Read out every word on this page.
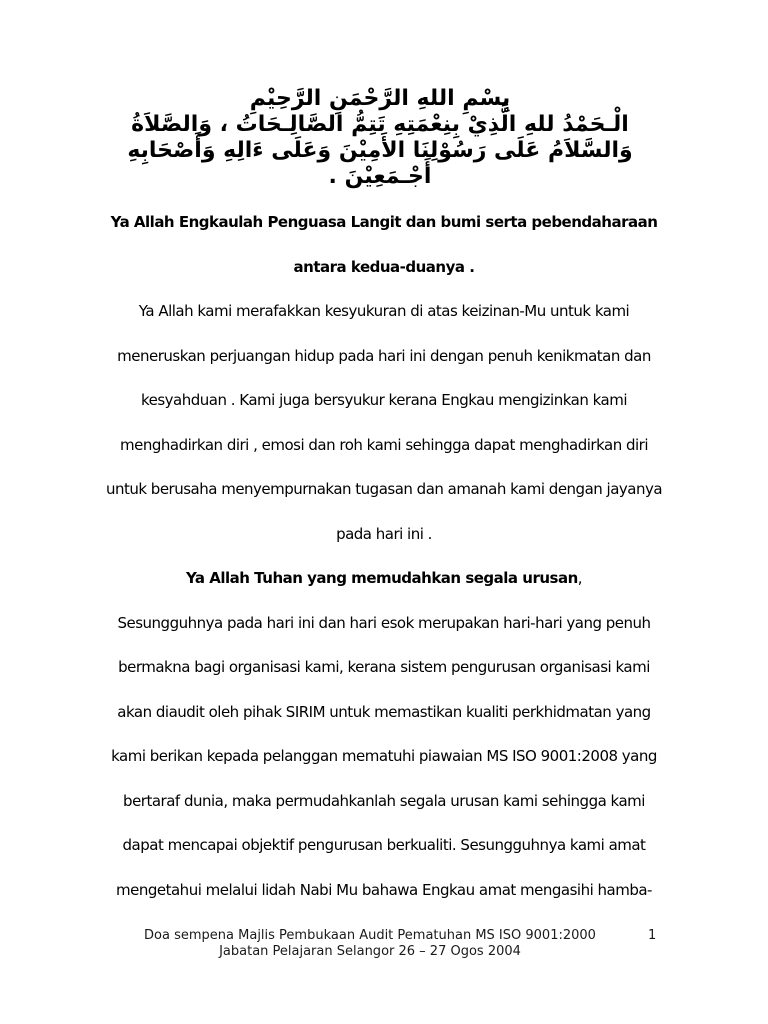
بِسْمِ اللهِ الرَّحْمَنِ الرَّحِيْمِ
الْـحَمْدُ للهِ الَّذِيْ بِنِعْمَتِهِ تَتِمُّ الصَّالِـحَاتُ ، وَالصَّلاَةُ
وَالسَّلاَمُ عَلَى رَسُوْلِنَا الأَمِيْنَ وَعَلَى ءَالِهِ وَأَصْحَابِهِ
أَجْـمَعِيْنَ .
Ya Allah Engkaulah Penguasa Langit dan bumi serta pebendaharaan
antara kedua-duanya .
Ya Allah kami merafakkan kesyukuran di atas keizinan-Mu untuk kami
meneruskan perjuangan hidup pada hari ini dengan penuh kenikmatan dan
kesyahduan . Kami juga bersyukur kerana Engkau mengizinkan kami
menghadirkan diri , emosi dan roh kami sehingga dapat menghadirkan diri
untuk berusaha menyempurnakan tugasan dan amanah kami dengan jayanya
pada hari ini .
Ya Allah Tuhan yang memudahkan segala urusan,
Sesungguhnya pada hari ini dan hari esok merupakan hari-hari yang penuh
bermakna bagi organisasi kami, kerana sistem pengurusan organisasi kami
akan diaudit oleh pihak SIRIM untuk memastikan kualiti perkhidmatan yang
kami berikan kepada pelanggan mematuhi piawaian MS ISO 9001:2008 yang
bertaraf dunia, maka permudahkanlah segala urusan kami sehingga kami
dapat mencapai objektif pengurusan berkualiti. Sesungguhnya kami amat
mengetahui melalui lidah Nabi Mu bahawa Engkau amat mengasihi hamba-
Doa sempena Majlis Pembukaan Audit Pematuhan MS ISO 9001:2000
Jabatan Pelajaran Selangor 26 – 27 Ogos 2004
1
